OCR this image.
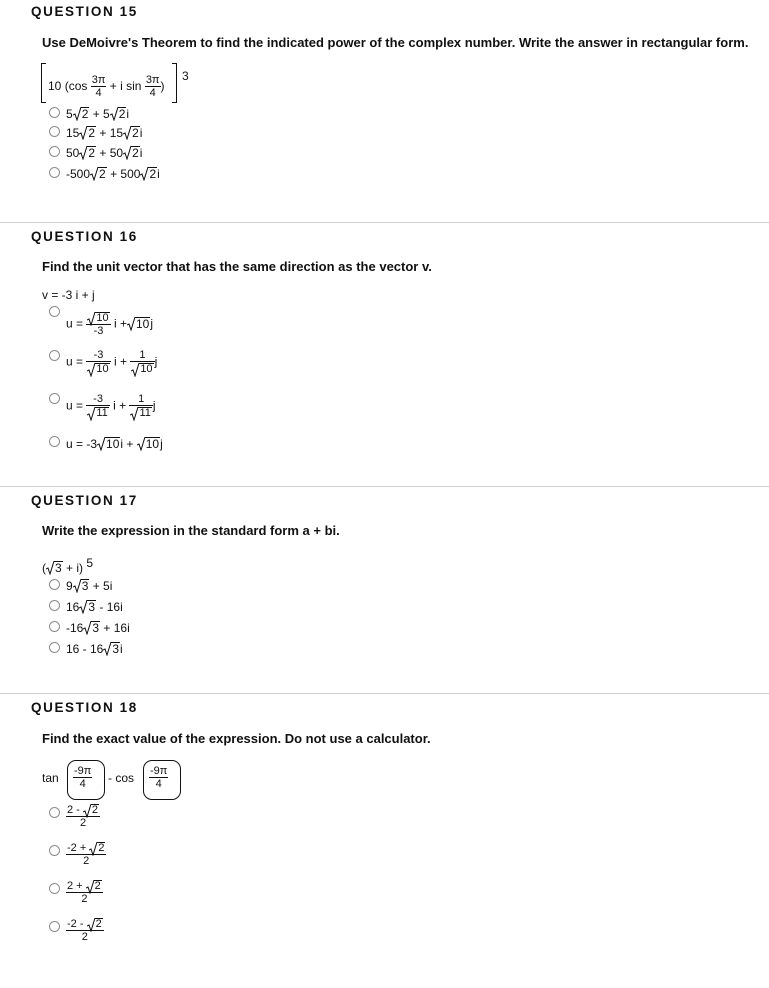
QUESTION 15
Use DeMoivre's Theorem to find the indicated power of the complex number. Write the answer in rectangular form.
10 ($\cos \frac{3\pi}{4} + i$ $\sin \frac{3\pi}{4}$ )
3
5 2 + 5 2i
15 2 + 15 2i
50 2 + 50 2i
-500 2 + 500 2i
QUESTION 16
Find the unit vector that has the same direction as the vector v.
v = -3 i + j
$u = \frac{10}{-3}$ i + 10j
$u = \frac{-3}{10}$ $i + \frac{1}{10}$ j
$u = \frac{-3}{11}$ $i + \frac{1}{11}$ j
u = -3 10i + 10j
QUESTION 17
Write the expression in the standard form a + bi.
( 3 + i) 5
9 3 + 5i
16 3 - 16i
-16 3 + 16i
16 - 16 3i
QUESTION 18
Find the exact value of the expression. Do not use a calculator.
$\tan \frac{-9\pi}{4}$ - $\cos \frac{-9\pi}{4}$
$\frac{2 - 2}{2}$
$\frac{-2 + 2}{2}$
$\frac{2 + 2}{2}$
$\frac{-2 - 2}{2}$
